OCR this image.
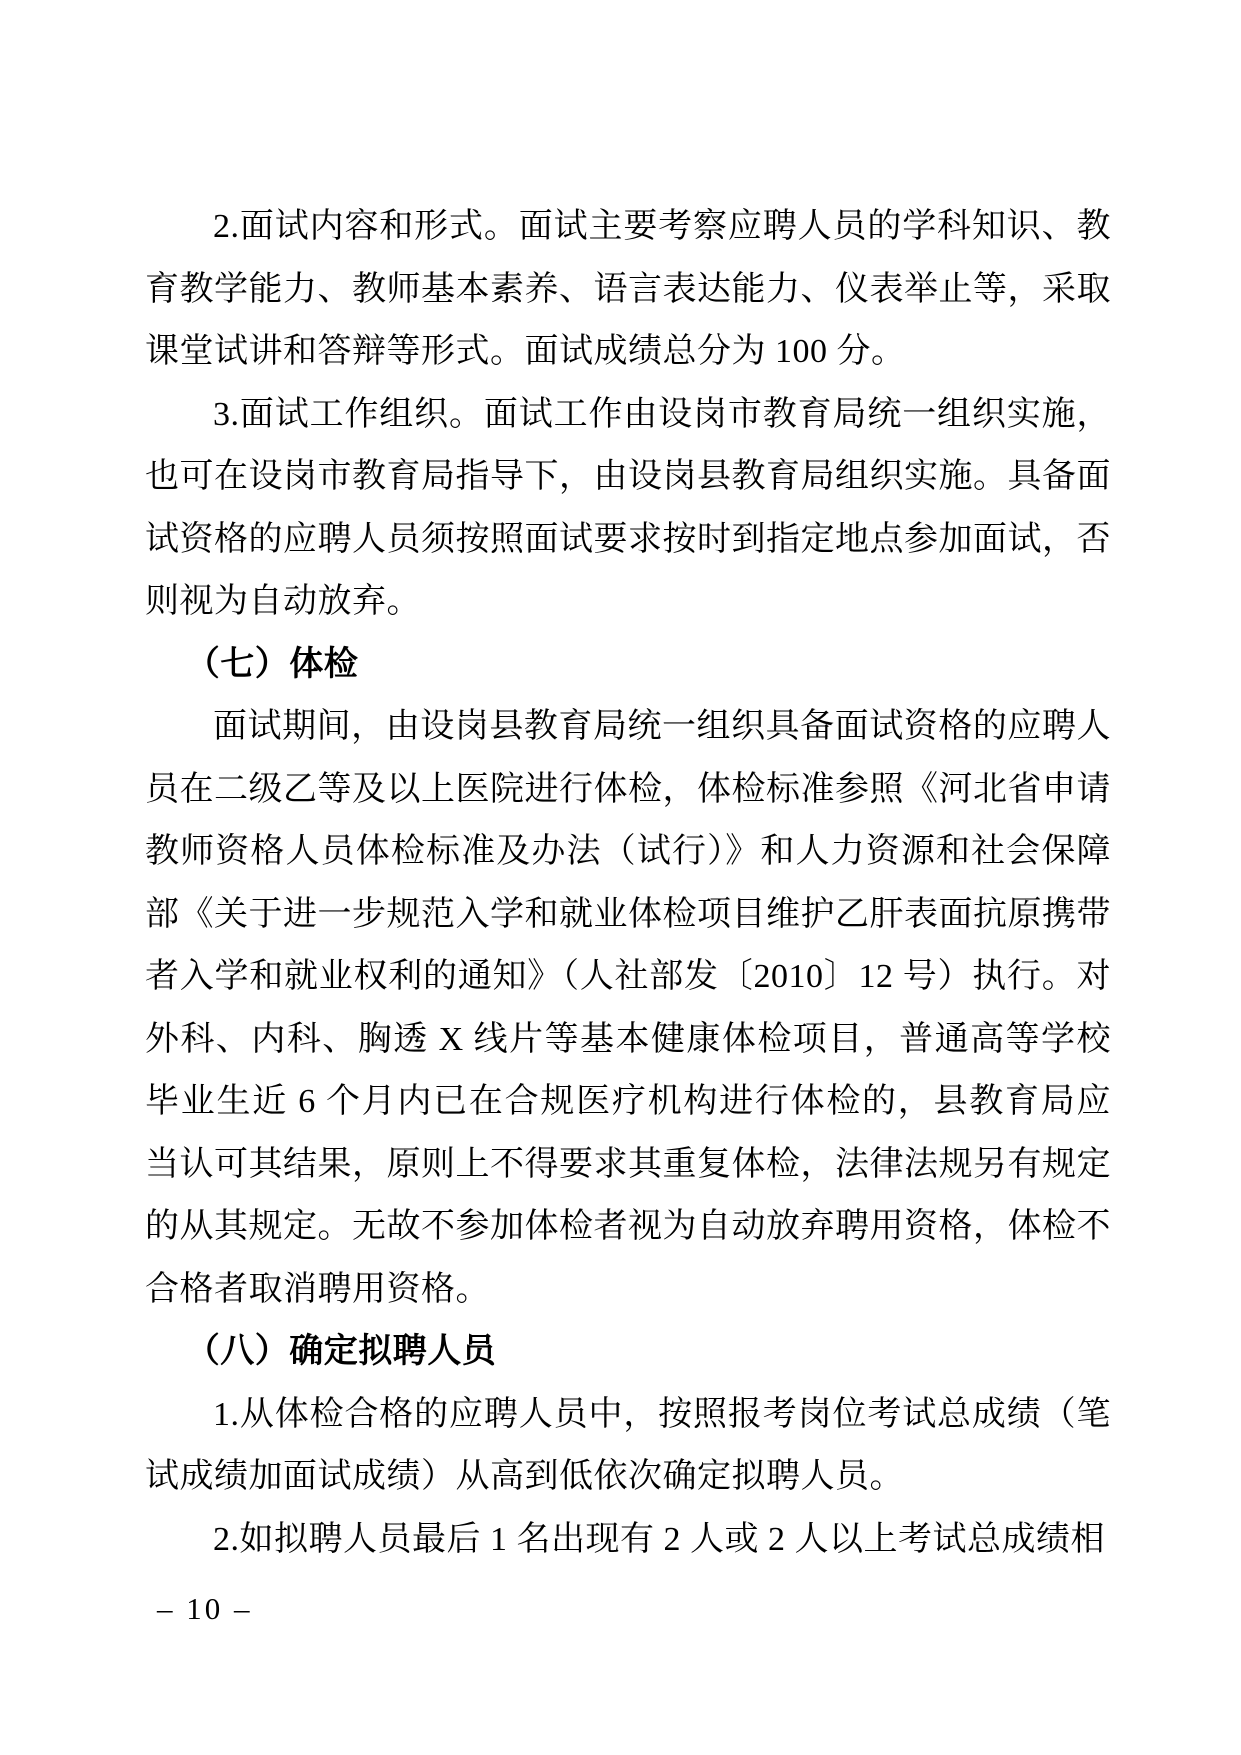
2.面试内容和形式。面试主要考察应聘人员的学科知识、教育教学能力、教师基本素养、语言表达能力、仪表举止等，采取课堂试讲和答辩等形式。面试成绩总分为 100 分。

3.面试工作组织。面试工作由设岗市教育局统一组织实施，也可在设岗市教育局指导下，由设岗县教育局组织实施。具备面试资格的应聘人员须按照面试要求按时到指定地点参加面试，否则视为自动放弃。

（七）体检

面试期间，由设岗县教育局统一组织具备面试资格的应聘人员在二级乙等及以上医院进行体检，体检标准参照《河北省申请教师资格人员体检标准及办法（试行）》和人力资源和社会保障部《关于进一步规范入学和就业体检项目维护乙肝表面抗原携带者入学和就业权利的通知》（人社部发〔2010〕12 号）执行。对外科、内科、胸透 X 线片等基本健康体检项目，普通高等学校毕业生近 6 个月内已在合规医疗机构进行体检的，县教育局应当认可其结果，原则上不得要求其重复体检，法律法规另有规定的从其规定。无故不参加体检者视为自动放弃聘用资格，体检不合格者取消聘用资格。

（八）确定拟聘人员

1.从体检合格的应聘人员中，按照报考岗位考试总成绩（笔试成绩加面试成绩）从高到低依次确定拟聘人员。

2.如拟聘人员最后 1 名出现有 2 人或 2 人以上考试总成绩相

– 10 –
